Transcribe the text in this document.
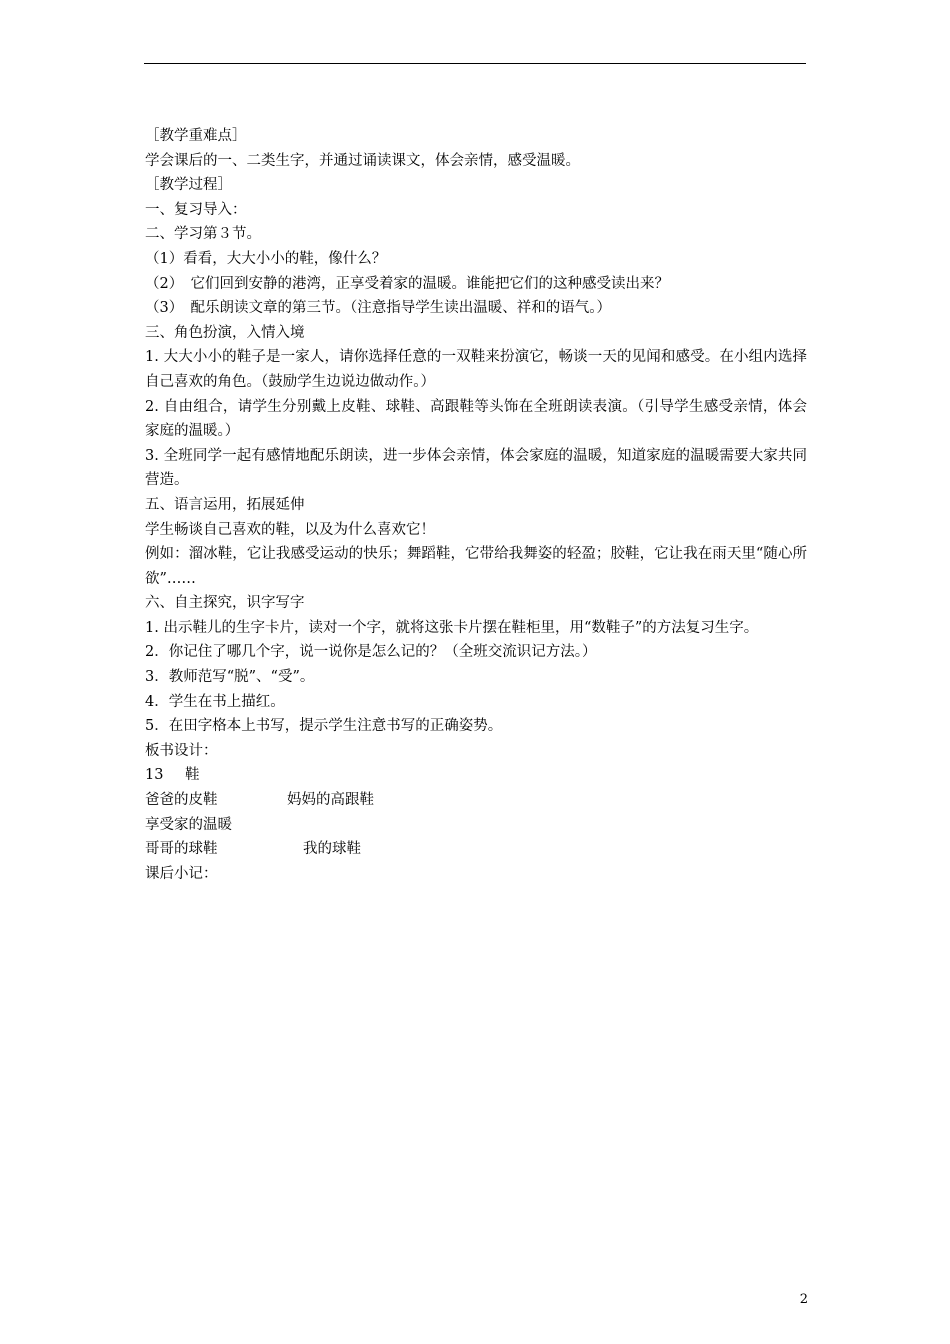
［教学重难点］
学会课后的一、二类生字，并通过诵读课文，体会亲情，感受温暖。
［教学过程］
一、复习导入：
二、学习第３节。
（1）看看，大大小小的鞋，像什么？
（2）　它们回到安静的港湾，正享受着家的温暖。谁能把它们的这种感受读出来？
（3）　配乐朗读文章的第三节。（注意指导学生读出温暖、祥和的语气。）
三、角色扮演，入情入境
1. 大大小小的鞋子是一家人，请你选择任意的一双鞋来扮演它，畅谈一天的见闻和感受。在小组内选择自己喜欢的角色。（鼓励学生边说边做动作。）
2. 自由组合，请学生分别戴上皮鞋、球鞋、高跟鞋等头饰在全班朗读表演。（引导学生感受亲情，体会家庭的温暖。）
3. 全班同学一起有感情地配乐朗读，进一步体会亲情，体会家庭的温暖，知道家庭的温暖需要大家共同营造。
五、语言运用，拓展延伸
学生畅谈自己喜欢的鞋，以及为什么喜欢它！
例如：溜冰鞋，它让我感受运动的快乐；舞蹈鞋，它带给我舞姿的轻盈；胶鞋，它让我在雨天里“随心所欲”……
六、自主探究，识字写字
1. 出示鞋儿的生字卡片，读对一个字，就将这张卡片摆在鞋柜里，用“数鞋子”的方法复习生字。
2．你记住了哪几个字，说一说你是怎么记的？（全班交流识记方法。）
3．教师范写“脱”、“受”。
4．学生在书上描红。
5．在田字格本上书写，提示学生注意书写的正确姿势。
板书设计：
13	鞋
爸爸的皮鞋	妈妈的高跟鞋
享受家的温暖
哥哥的球鞋	我的球鞋
课后小记：
2
